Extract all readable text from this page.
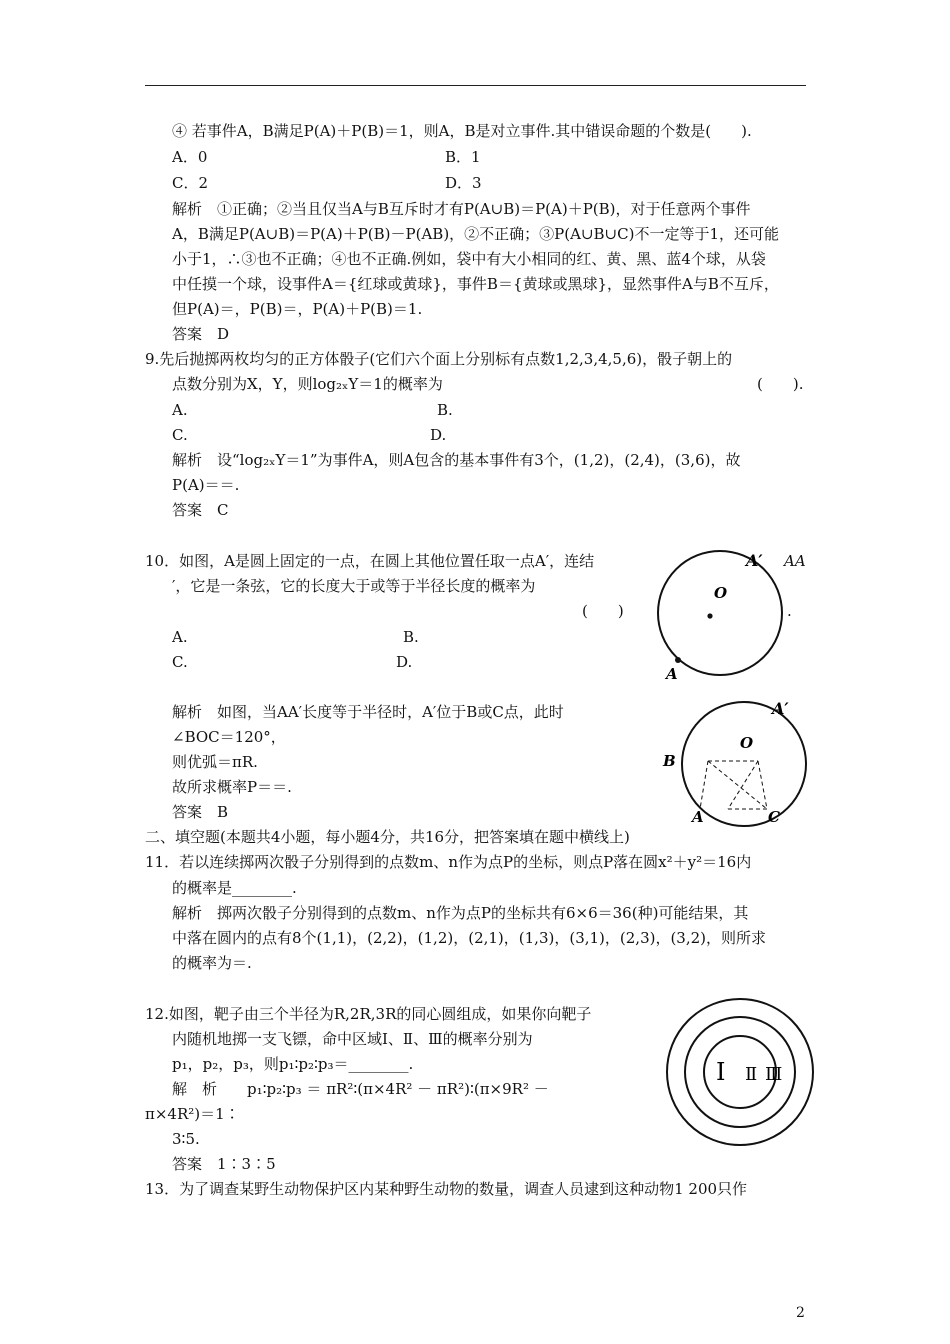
④ 若事件A，B满足P(A)＋P(B)＝1，则A，B是对立事件.其中错误命题的个数是(　　).
A．0	B．1
C．2	D．3
解析　①正确；②当且仅当A与B互斥时才有P(A∪B)＝P(A)＋P(B)，对于任意两个事件
A，B满足P(A∪B)＝P(A)＋P(B)－P(AB)，②不正确；③P(A∪B∪C)不一定等于1，还可能
小于1，∴③也不正确；④也不正确.例如，袋中有大小相同的红、黄、黑、蓝4个球，从袋
中任摸一个球，设事件A＝{红球或黄球}，事件B＝{黄球或黑球}，显然事件A与B不互斥，
但P(A)＝，P(B)＝，P(A)＋P(B)＝1.
答案　D
9.先后抛掷两枚均匀的正方体骰子(它们六个面上分别标有点数1,2,3,4,5,6)，骰子朝上的
点数分别为X，Y，则log₂ₓY＝1的概率为	(　　).
A.	B.
C.	D.
解析　设“log₂ₓY＝1”为事件A，则A包含的基本事件有3个，(1,2)，(2,4)，(3,6)，故
P(A)＝＝.
答案　C
10．如图，A是圆上固定的一点，在圆上其他位置任取一点A′，连结
′，它是一条弦，它的长度大于或等于半径长度的概率为
(　　)
AA
.
A.	B.
C.	D.
A′
O
A
解析　如图，当AA′长度等于半径时，A′位于B或C点，此时
∠BOC＝120°，
则优弧＝πR.
故所求概率P＝＝.
答案　B
A′
O
B
A	C
二、填空题(本题共4小题，每小题4分，共16分，把答案填在题中横线上)
11．若以连续掷两次骰子分别得到的点数m、n作为点P的坐标，则点P落在圆x²＋y²＝16内
的概率是________.
解析　掷两次骰子分别得到的点数m、n作为点P的坐标共有6×6＝36(种)可能结果，其
中落在圆内的点有8个(1,1)，(2,2)，(1,2)，(2,1)，(1,3)，(3,1)，(2,3)，(3,2)，则所求
的概率为＝.
12.如图，靶子由三个半径为R,2R,3R的同心圆组成，如果你向靶子
内随机地掷一支飞镖，命中区域Ⅰ、Ⅱ、Ⅲ的概率分别为
p₁，p₂，p₃，则p₁∶p₂∶p₃＝________.
解　析　　p₁∶p₂∶p₃ ＝ πR²∶(π×4R² － πR²)∶(π×9R² －
π×4R²)＝1∶
3∶5.
答案　1∶3∶5
Ⅰ Ⅱ Ⅲ
13．为了调查某野生动物保护区内某种野生动物的数量，调查人员逮到这种动物1 200只作
2
